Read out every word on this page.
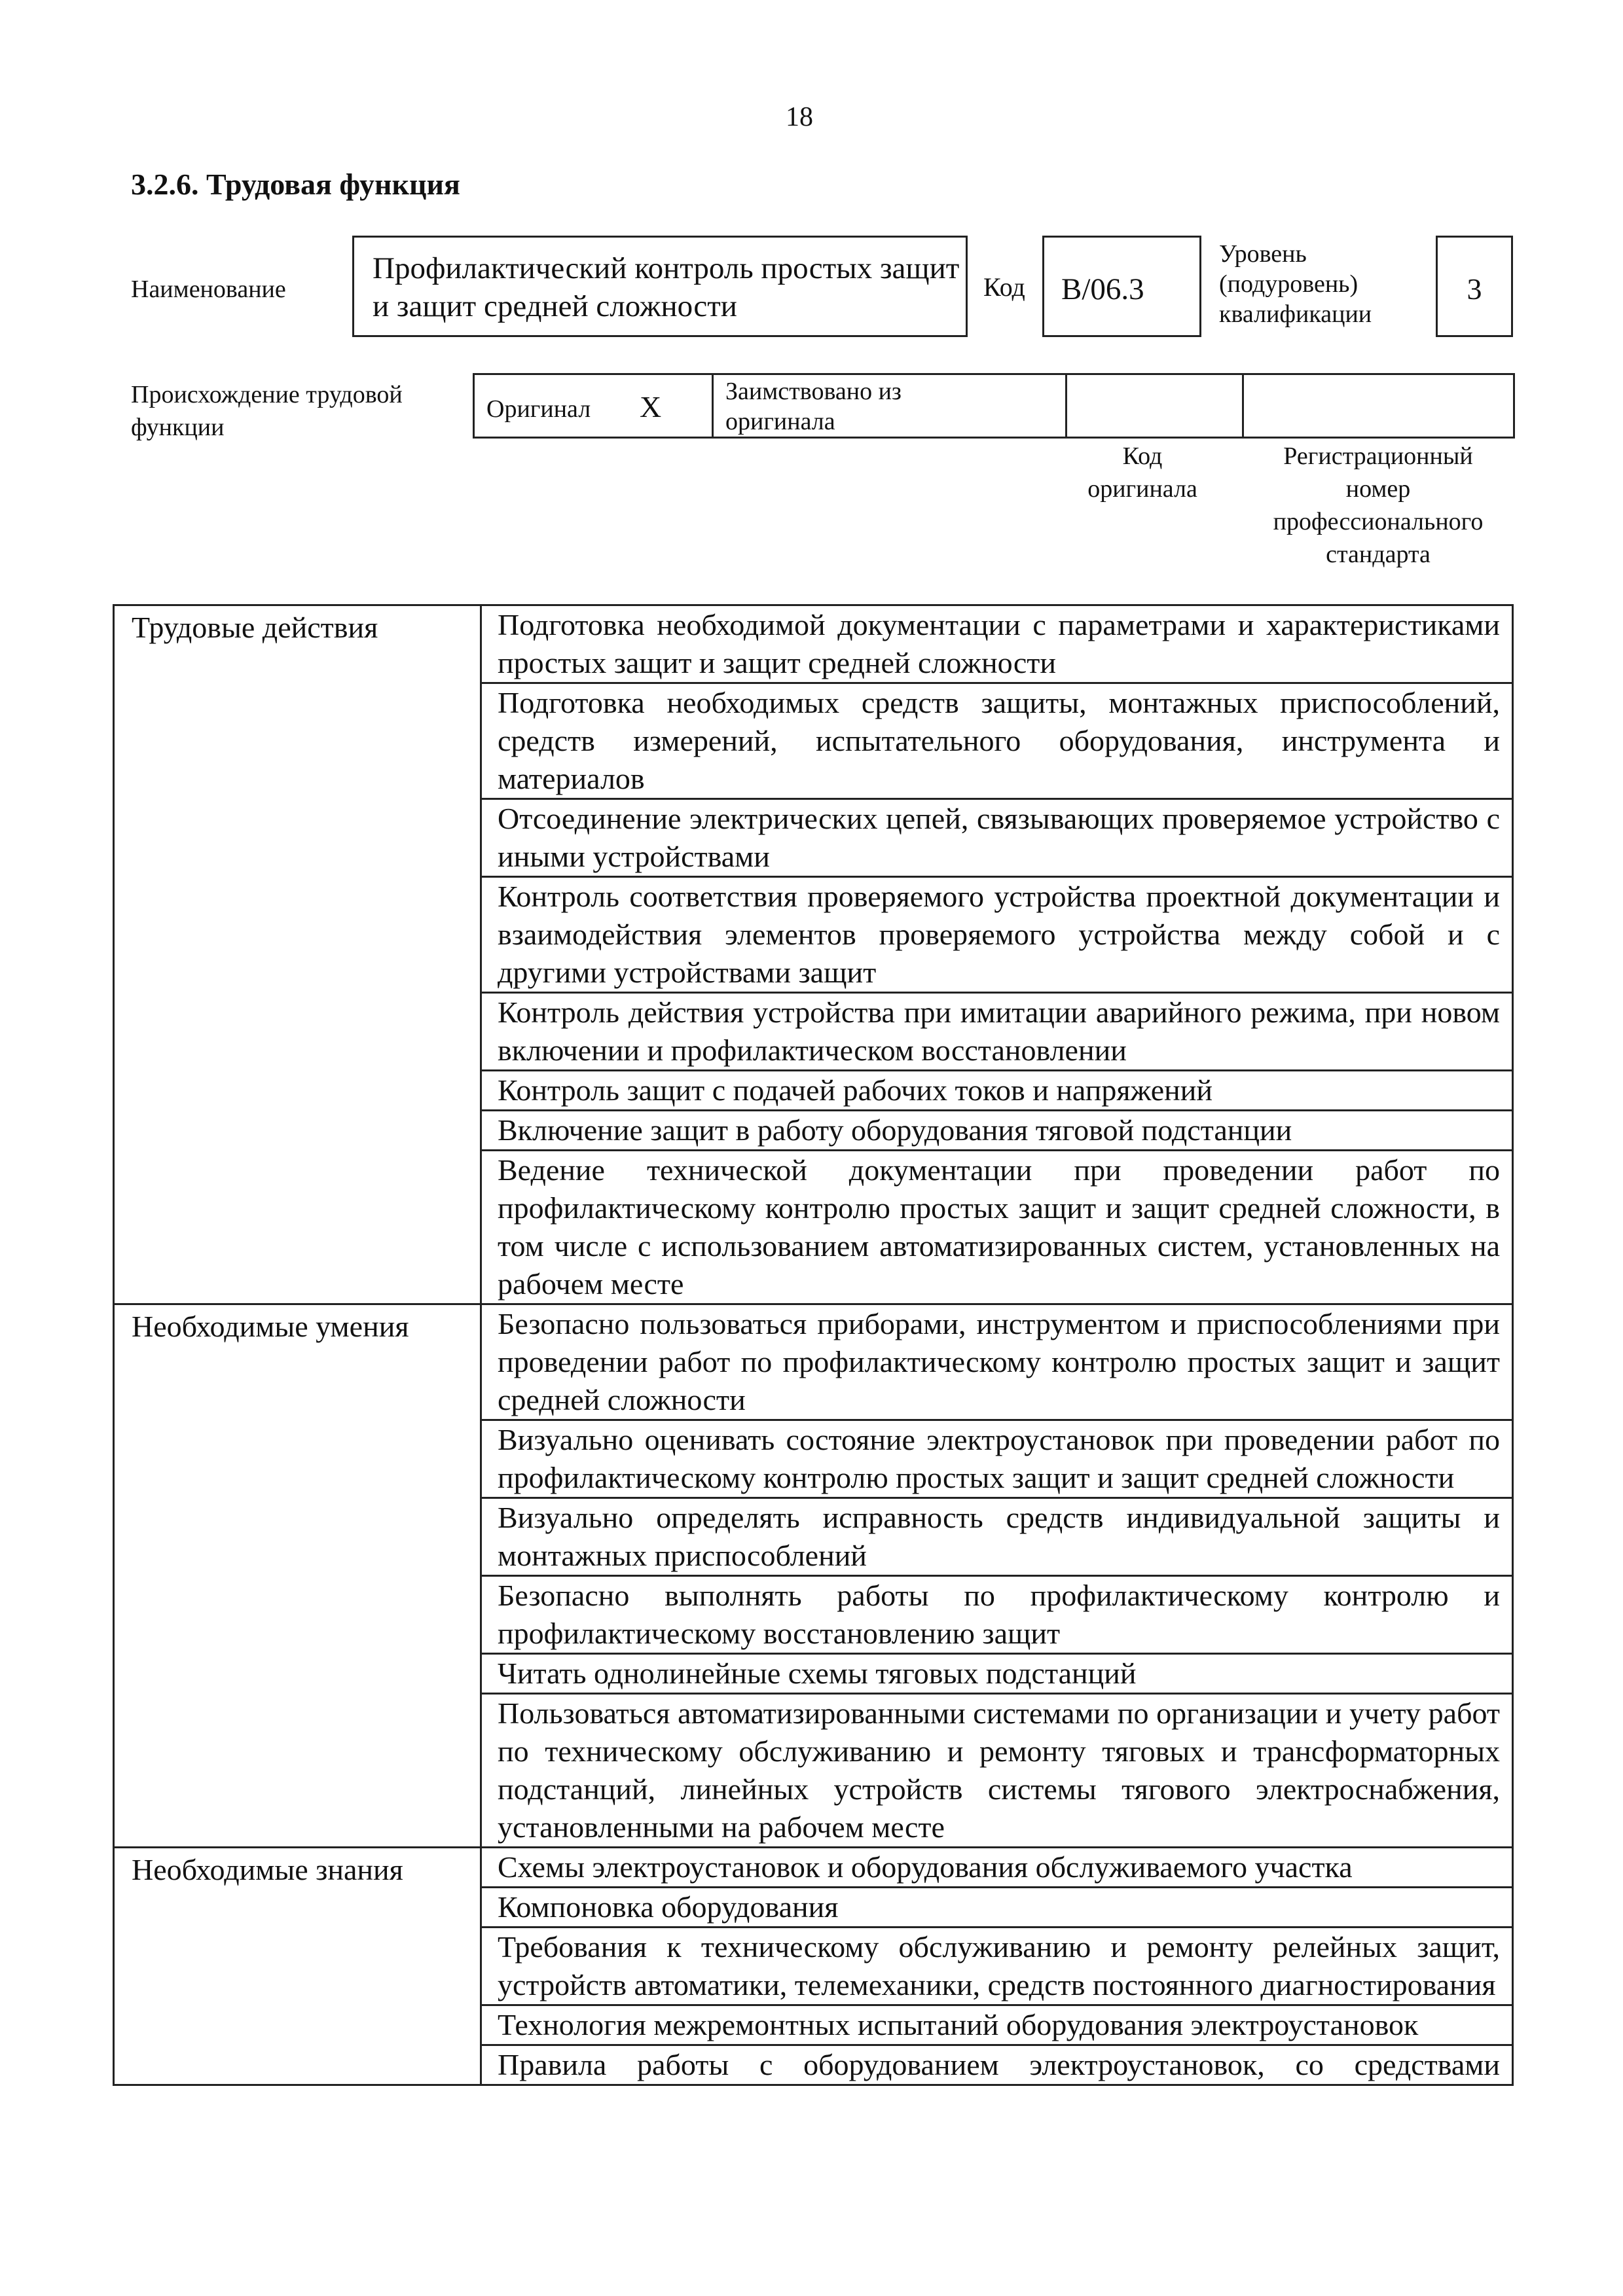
18
3.2.6. Трудовая функция
Наименование
Профилактический контроль простых защит и защит средней сложности
Код	B/06.3
Уровень
(подуровень)
квалификации
3
Происхождение трудовой
функции
Оригинал X	Заимствовано из
оригинала
Код
оригинала
Регистрационный
номер
профессионального
стандарта
Трудовые действия	Подготовка необходимой документации с параметрами и характеристиками простых защит и защит средней сложности
	Подготовка необходимых средств защиты, монтажных приспособлений, средств измерений, испытательного оборудования, инструмента и материалов
	Отсоединение электрических цепей, связывающих проверяемое устройство с иными устройствами
	Контроль соответствия проверяемого устройства проектной документации и взаимодействия элементов проверяемого устройства между собой и с другими устройствами защит
	Контроль действия устройства при имитации аварийного режима, при новом включении и профилактическом восстановлении
	Контроль защит с подачей рабочих токов и напряжений
	Включение защит в работу оборудования тяговой подстанции
	Ведение технической документации при проведении работ по профилактическому контролю простых защит и защит средней сложности, в том числе с использованием автоматизированных систем, установленных на рабочем месте
Необходимые умения	Безопасно пользоваться приборами, инструментом и приспособлениями при проведении работ по профилактическому контролю простых защит и защит средней сложности
	Визуально оценивать состояние электроустановок при проведении работ по профилактическому контролю простых защит и защит средней сложности
	Визуально определять исправность средств индивидуальной защиты и монтажных приспособлений
	Безопасно выполнять работы по профилактическому контролю и профилактическому восстановлению защит
	Читать однолинейные схемы тяговых подстанций
	Пользоваться автоматизированными системами по организации и учету работ по техническому обслуживанию и ремонту тяговых и трансформаторных подстанций, линейных устройств системы тягового электроснабжения, установленными на рабочем месте
Необходимые знания	Схемы электроустановок и оборудования обслуживаемого участка
	Компоновка оборудования
	Требования к техническому обслуживанию и ремонту релейных защит, устройств автоматики, телемеханики, средств постоянного диагностирования
	Технология межремонтных испытаний оборудования электроустановок
	Правила работы с оборудованием электроустановок, со средствами
